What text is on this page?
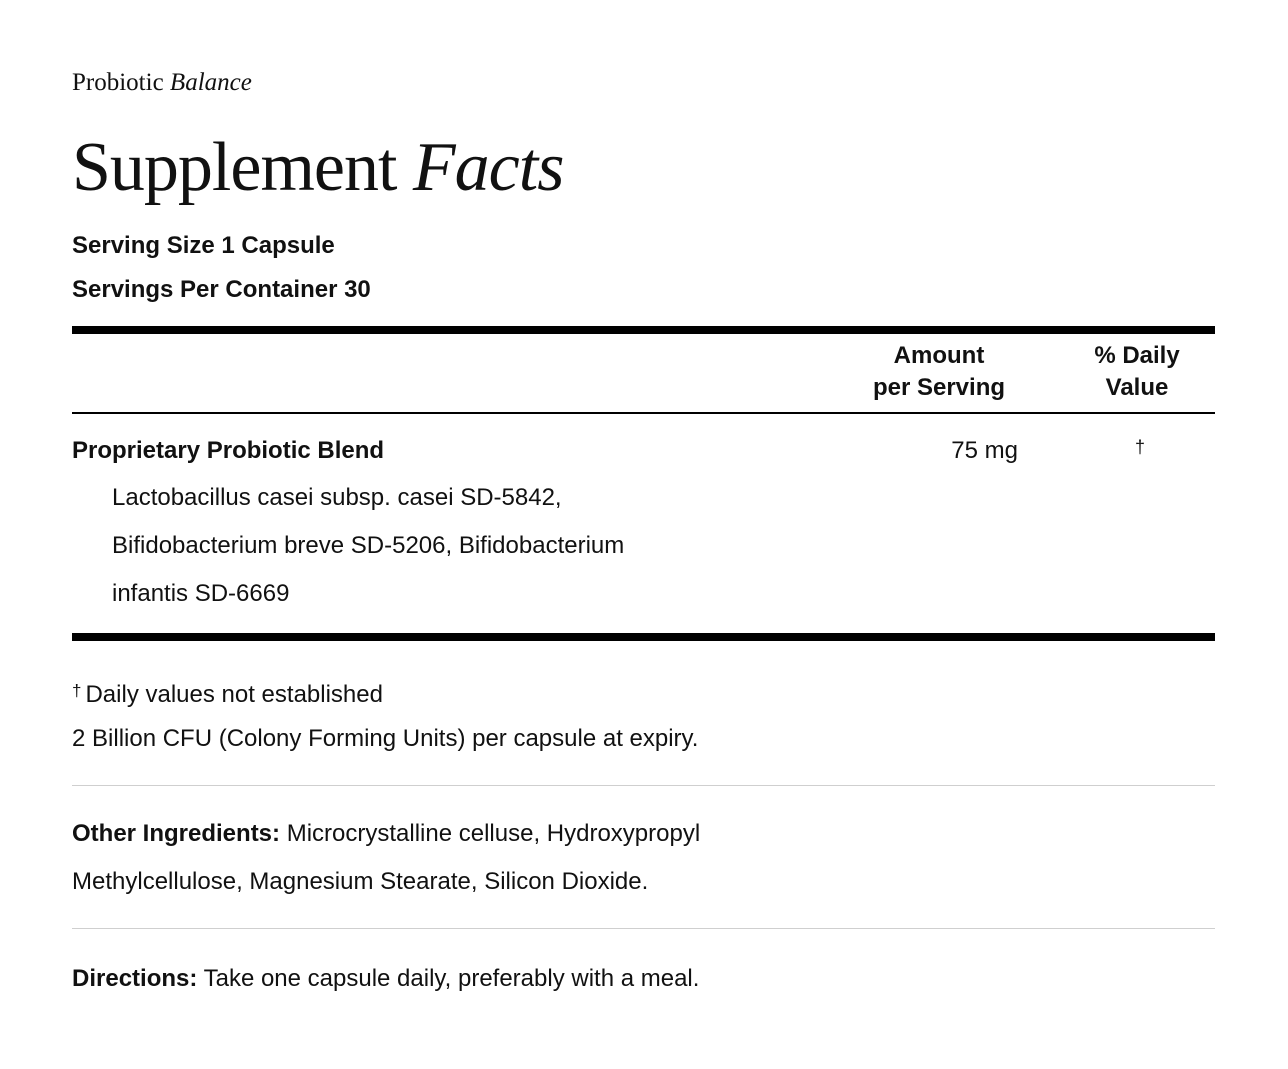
Probiotic Balance
Supplement Facts
Serving Size 1 Capsule
Servings Per Container 30
Amount
per Serving
% Daily
Value
Proprietary Probiotic Blend	75 mg	†
Lactobacillus casei subsp. casei SD-5842,
Bifidobacterium breve SD-5206, Bifidobacterium
infantis SD-6669
† Daily values not established
2 Billion CFU (Colony Forming Units) per capsule at expiry.
Other Ingredients: Microcrystalline celluse, Hydroxypropyl Methylcellulose, Magnesium Stearate, Silicon Dioxide.
Directions: Take one capsule daily, preferably with a meal.
